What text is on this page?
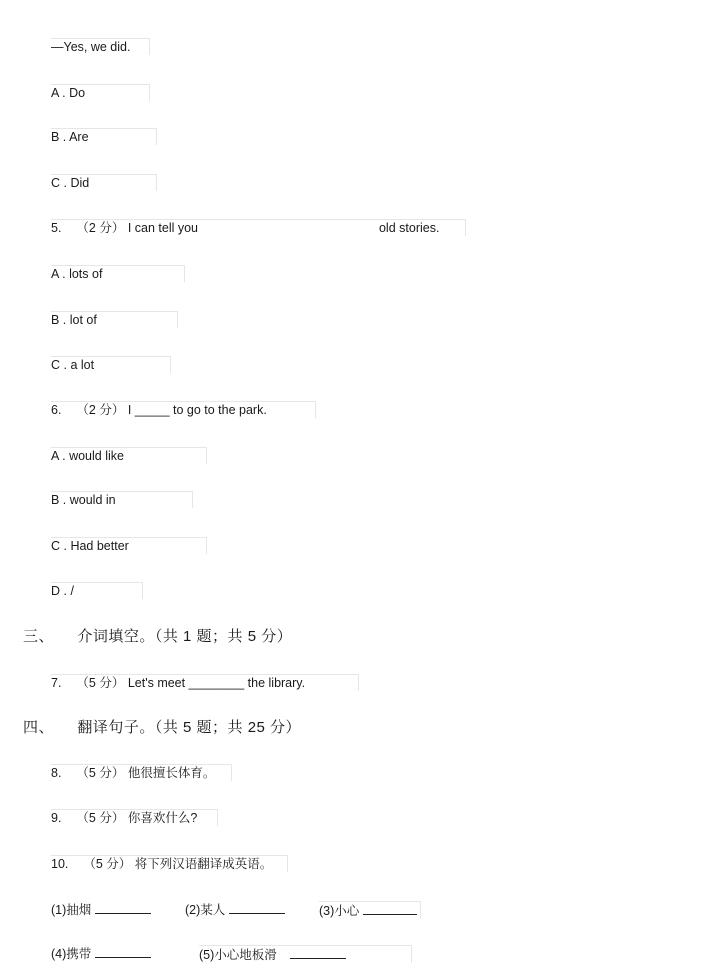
—Yes, we did.
A . Do
B . Are
C . Did
5. （2 分） I can tell you	old stories.
A . lots of
B . lot of
C . a lot
6. （2 分） I _____ to go to the park.
A . would like
B . would in
C . Had better
D . /
三、 介词填空。（共 1 题；共 5 分）
7. （5 分） Let's meet ________ the library.
四、 翻译句子。（共 5 题；共 25 分）
8. （5 分） 他很擅长体育。
9. （5 分） 你喜欢什么?
10. （5 分） 将下列汉语翻译成英语。
(1)抽烟	(2)某人	(3)小心
(4)携带	(5)小心地板滑
